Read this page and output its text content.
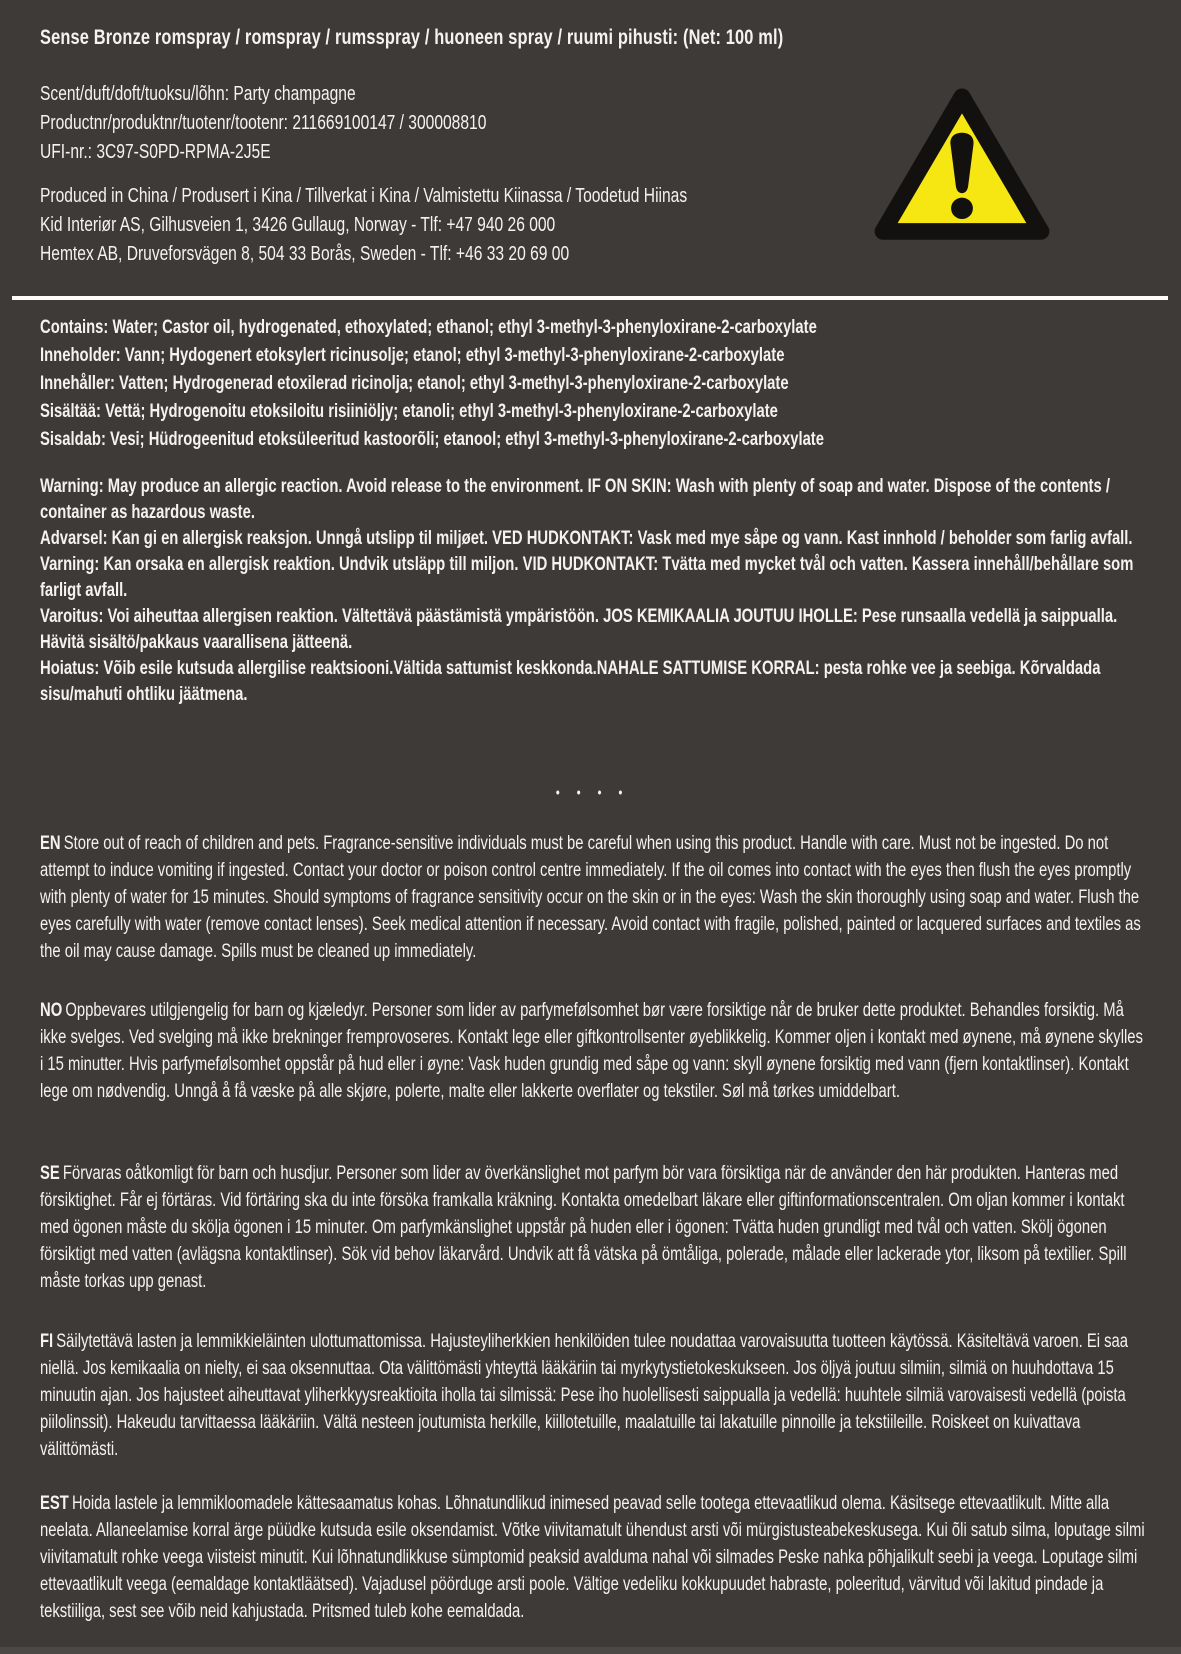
Sense Bronze romspray / romspray / rumsspray / huoneen spray / ruumi pihusti: (Net: 100 ml)
Scent/duft/doft/tuoksu/lõhn: Party champagne
Productnr/produktnr/tuotenr/tootenr: 211669100147 / 300008810
UFI-nr.: 3C97-S0PD-RPMA-2J5E
Produced in China / Produsert i Kina / Tillverkat i Kina / Valmistettu Kiinassa / Toodetud Hiinas
Kid Interiør AS, Gilhusveien 1, 3426 Gullaug, Norway - Tlf: +47 940 26 000
Hemtex AB, Druveforsvägen 8, 504 33 Borås, Sweden - Tlf: +46 33 20 69 00
Contains: Water; Castor oil, hydrogenated, ethoxylated; ethanol; ethyl 3-methyl-3-phenyloxirane-2-carboxylate
Inneholder: Vann; Hydogenert etoksylert ricinusolje; etanol; ethyl 3-methyl-3-phenyloxirane-2-carboxylate
Innehåller: Vatten; Hydrogenerad etoxilerad ricinolja; etanol; ethyl 3-methyl-3-phenyloxirane-2-carboxylate
Sisältää: Vettä; Hydrogenoitu etoksiloitu risiiniöljy; etanoli; ethyl 3-methyl-3-phenyloxirane-2-carboxylate
Sisaldab: Vesi; Hüdrogeenitud etoksüleeritud kastoorõli; etanool; ethyl 3-methyl-3-phenyloxirane-2-carboxylate
Warning: May produce an allergic reaction. Avoid release to the environment. IF ON SKIN: Wash with plenty of soap and water. Dispose of the contents / container as hazardous waste.
Advarsel: Kan gi en allergisk reaksjon. Unngå utslipp til miljøet. VED HUDKONTAKT: Vask med mye såpe og vann. Kast innhold / beholder som farlig avfall.
Varning: Kan orsaka en allergisk reaktion. Undvik utsläpp till miljon. VID HUDKONTAKT: Tvätta med mycket tvål och vatten. Kassera innehåll/behållare som farligt avfall.
Varoitus: Voi aiheuttaa allergisen reaktion. Vältettävä päästämistä ympäristöön. JOS KEMIKAALIA JOUTUU IHOLLE: Pese runsaalla vedellä ja saippualla. Hävitä sisältö/pakkaus vaarallisena jätteenä.
Hoiatus: Võib esile kutsuda allergilise reaktsiooni.Vältida sattumist keskkonda.NAHALE SATTUMISE KORRAL: pesta rohke vee ja seebiga. Kõrvaldada sisu/mahuti ohtliku jäätmena.
• • • •

EN Store out of reach of children and pets. Fragrance-sensitive individuals must be careful when using this product. Handle with care. Must not be ingested. Do not attempt to induce vomiting if ingested. Contact your doctor or poison control centre immediately. If the oil comes into contact with the eyes then flush the eyes promptly with plenty of water for 15 minutes. Should symptoms of fragrance sensitivity occur on the skin or in the eyes: Wash the skin thoroughly using soap and water. Flush the eyes carefully with water (remove contact lenses). Seek medical attention if necessary. Avoid contact with fragile, polished, painted or lacquered surfaces and textiles as the oil may cause damage. Spills must be cleaned up immediately.

NO Oppbevares utilgjengelig for barn og kjæledyr. Personer som lider av parfymefølsomhet bør være forsiktige når de bruker dette produktet. Behandles forsiktig. Må ikke svelges. Ved svelging må ikke brekninger fremprovoseres. Kontakt lege eller giftkontrollsenter øyeblikkelig. Kommer oljen i kontakt med øynene, må øynene skylles i 15 minutter. Hvis parfymefølsomhet oppstår på hud eller i øyne: Vask huden grundig med såpe og vann: skyll øynene forsiktig med vann (fjern kontaktlinser). Kontakt lege om nødvendig. Unngå å få væske på alle skjøre, polerte, malte eller lakkerte overflater og tekstiler. Søl må tørkes umiddelbart.

SE Förvaras oåtkomligt för barn och husdjur. Personer som lider av överkänslighet mot parfym bör vara försiktiga när de använder den här produkten. Hanteras med försiktighet. Får ej förtäras. Vid förtäring ska du inte försöka framkalla kräkning. Kontakta omedelbart läkare eller giftinformationscentralen. Om oljan kommer i kontakt med ögonen måste du skölja ögonen i 15 minuter. Om parfymkänslighet uppstår på huden eller i ögonen: Tvätta huden grundligt med tvål och vatten. Skölj ögonen försiktigt med vatten (avlägsna kontaktlinser). Sök vid behov läkarvård. Undvik att få vätska på ömtåliga, polerade, målade eller lackerade ytor, liksom på textilier. Spill måste torkas upp genast.

FI Säilytettävä lasten ja lemmikkieläinten ulottumattomissa. Hajusteyliherkkien henkilöiden tulee noudattaa varovaisuutta tuotteen käytössä. Käsiteltävä varoen. Ei saa niellä. Jos kemikaalia on nielty, ei saa oksennuttaa. Ota välittömästi yhteyttä lääkäriin tai myrkytystietokeskukseen. Jos öljyä joutuu silmiin, silmiä on huuhdottava 15 minuutin ajan. Jos hajusteet aiheuttavat yliherkkyysreaktioita iholla tai silmissä: Pese iho huolellisesti saippualla ja vedellä: huuhtele silmiä varovaisesti vedellä (poista piilolinssit). Hakeudu tarvittaessa lääkäriin. Vältä nesteen joutumista herkille, kiillotetuille, maalatuille tai lakatuille pinnoille ja tekstiileille. Roiskeet on kuivattava välittömästi.

EST Hoida lastele ja lemmikloomadele kättesaamatus kohas. Lõhnatundlikud inimesed peavad selle tootega ettevaatlikud olema. Käsitsege ettevaatlikult. Mitte alla neelata. Allaneelamise korral ärge püüdke kutsuda esile oksendamist. Võtke viivitamatult ühendust arsti või mürgistusteabekeskusega. Kui õli satub silma, loputage silmi viivitamatult rohke veega viisteist minutit. Kui lõhnatundlikkuse sümptomid peaksid avalduma nahal või silmades Peske nahka põhjalikult seebi ja veega. Loputage silmi ettevaatlikult veega (eemaldage kontaktläätsed). Vajadusel pöörduge arsti poole. Vältige vedeliku kokkupuudet habraste, poleeritud, värvitud või lakitud pindade ja tekstiiliga, sest see võib neid kahjustada. Pritsmed tuleb kohe eemaldada.
